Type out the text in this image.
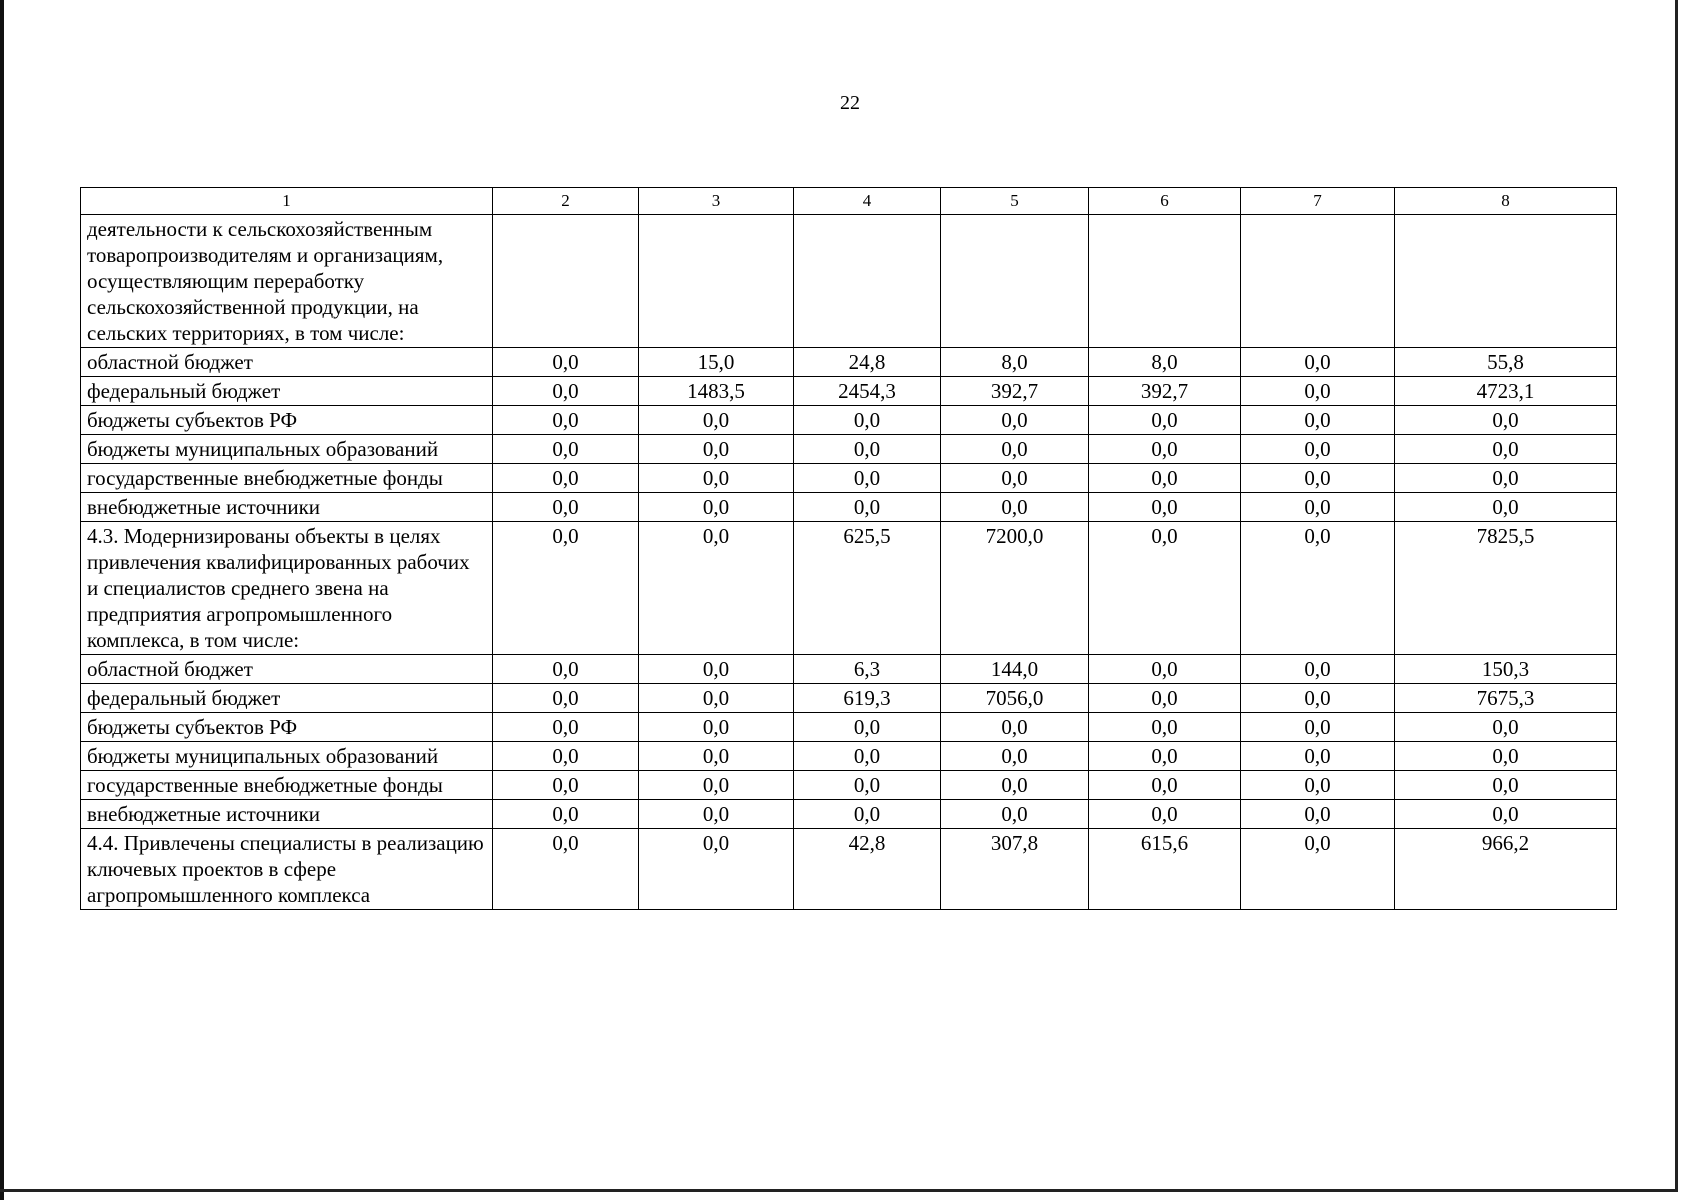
22
1	2	3	4	5	6	7	8
деятельности к сельскохозяйственным товаропроизводителям и организациям, осуществляющим переработку сельскохозяйственной продукции, на сельских территориях, в том числе:							
областной бюджет	0,0	15,0	24,8	8,0	8,0	0,0	55,8
федеральный бюджет	0,0	1483,5	2454,3	392,7	392,7	0,0	4723,1
бюджеты субъектов РФ	0,0	0,0	0,0	0,0	0,0	0,0	0,0
бюджеты муниципальных образований	0,0	0,0	0,0	0,0	0,0	0,0	0,0
государственные внебюджетные фонды	0,0	0,0	0,0	0,0	0,0	0,0	0,0
внебюджетные источники	0,0	0,0	0,0	0,0	0,0	0,0	0,0
4.3. Модернизированы объекты в целях привлечения квалифицированных рабочих и специалистов среднего звена на предприятия агропромышленного комплекса, в том числе:	0,0	0,0	625,5	7200,0	0,0	0,0	7825,5
областной бюджет	0,0	0,0	6,3	144,0	0,0	0,0	150,3
федеральный бюджет	0,0	0,0	619,3	7056,0	0,0	0,0	7675,3
бюджеты субъектов РФ	0,0	0,0	0,0	0,0	0,0	0,0	0,0
бюджеты муниципальных образований	0,0	0,0	0,0	0,0	0,0	0,0	0,0
государственные внебюджетные фонды	0,0	0,0	0,0	0,0	0,0	0,0	0,0
внебюджетные источники	0,0	0,0	0,0	0,0	0,0	0,0	0,0
4.4. Привлечены специалисты в реализацию ключевых проектов в сфере агропромышленного комплекса	0,0	0,0	42,8	307,8	615,6	0,0	966,2
